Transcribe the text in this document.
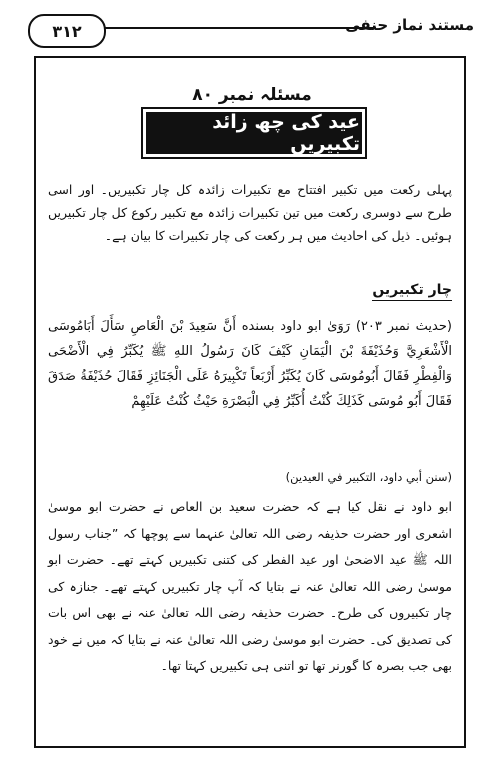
٣١٢	مستند نماز حنفی
مسئلہ نمبر ٨٠
عید کی چھ زائد تکبیریں
پہلی رکعت میں تکبیر افتتاح مع تکبیرات زائدہ کل چار تکبیریں۔ اور اسی طرح سے دوسری رکعت میں تین تکبیرات زائدہ مع تکبیر رکوع کل چار تکبیریں ہوئیں۔ ذیل کی احادیث میں ہر رکعت کی چار تکبیرات کا بیان ہے۔
چار تکبیریں
(حدیث نمبر ٢٠٣) رَوَىٰ ابو داود بسنده أَنَّ سَعِيدَ بْنَ الْعَاصِ سَأَلَ أَبَامُوسَى الْأَشْعَرِيَّ وَحُذَيْفَةَ بْنَ الْيَمَانِ كَيْفَ كَانَ رَسُولُ اللهِ ﷺ يُكَبِّرُ فِي الْأَضْحَى وَالْفِطْرِ فَقَالَ أَبُومُوسَى كَانَ يُكَبِّرُ أَرْبَعاً تَكْبِيرَهُ عَلَى الْجَنَائِزِ فَقَالَ حُذَيْفَةُ صَدَقَ فَقَالَ أَبُو مُوسَى كَذَلِكَ كُنْتُ أُكَبِّرُ فِي الْبَصْرَةِ حَيْثُ كُنْتُ عَلَيْهِمْ
(سنن أبي داود، التكبير في العيدين)
ابو داود نے نقل کیا ہے کہ حضرت سعید بن العاص نے حضرت ابو موسیٰ اشعری اور حضرت حذیفہ رضی اللہ تعالیٰ عنہما سے پوچھا کہ ”جناب رسول اللہ ﷺ عید الاضحیٰ اور عید الفطر کی کتنی تکبیریں کہتے تھے۔ حضرت ابو موسیٰ رضی اللہ تعالیٰ عنہ نے بتایا کہ آپ چار تکبیریں کہتے تھے۔ جنازہ کی چار تکبیروں کی طرح۔ حضرت حذیفہ رضی اللہ تعالیٰ عنہ نے بھی اس بات کی تصدیق کی۔ حضرت ابو موسیٰ رضی اللہ تعالیٰ عنہ نے بتایا کہ میں نے خود بھی جب بصرہ کا گورنر تھا تو اتنی ہی تکبیریں کہتا تھا۔
